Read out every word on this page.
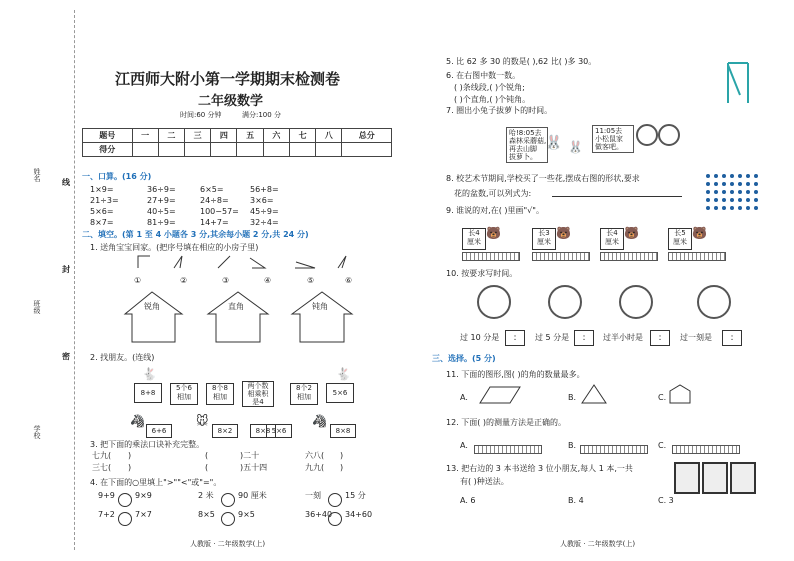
姓名
班级
学校
线
封
密
江西师大附小第一学期期末检测卷
二年级数学
时间:60 分钟	满分:100 分
题号	一	二	三	四	五	六	七	八	总分
得分									
一、口算。(16 分)
二、填空。(第 1 至 4 小题各 3 分,其余每小题 2 分,共 24 分)
1. 送角宝宝回家。(把序号填在相应的小房子里)
①	②	③	④	⑤	⑥
锐角	直角	钝角
2. 找朋友。(连线)
8+8
5个6
相加
8个8
相加
两个数
相乘积
是4
8个2
相加	5×6
🐇	🐇
6+6	8×2	8×8 5×6	8×8
🦓	🐭	🦓
3. 把下面的乘法口诀补充完整。
4. 在下面的○里填上">""<"或"="。
人教版 · 二年级数学(上)
5. 比 62 多 30 的数是( ),62 比( )多 30。
6. 在右图中数一数。
( )条线段,( )个锐角;
( )个直角,( )个钝角。
7. 圈出小兔子拔萝卜的时间。
哈!8:05去
森林采蘑菇,
再去山脚
拔萝卜。
11:05去
小松鼠家
做客吧。
🐰 🐰
8. 校艺术节期间,学校买了一些花,摆成右图的形状,要求
花的盆数,可以列式为:
9. 谁说的对,在( )里画"√"。
长4
厘米
长3
厘米
长4
厘米
长5
厘米
🐻	🐻	🐻	🐻
10. 按要求写时间。
过 10 分是	:	过 5 分是	:	过半小时是	:	过一刻是	:
三、选择。(5 分)
11. 下面的图形,图( )的角的数量最多。
A.	B.	C.
12. 下面( )的测量方法是正确的。
A.	B.	C.
13. 把右边的 3 本书送给 3 位小朋友,每人 1 本,一共
有( )种送法。
A. 6	B. 4	C. 3
人教版 · 二年级数学(上)
1×9=	36÷9=	6×5=	56+8=
21÷3=	27+9=	24÷8=	3×6=
5×6=	40÷5=	100−57= 45÷9=
8×7=	81÷9=	14+7=	32÷4=
七九( )	(	)二十	六八( )
三七( )	(	)五十四	九九( )
9+9	9×9	2 米	90 厘米	一刻	15 分
7+2	7×7	8×5	9×5	36+40 34+60
